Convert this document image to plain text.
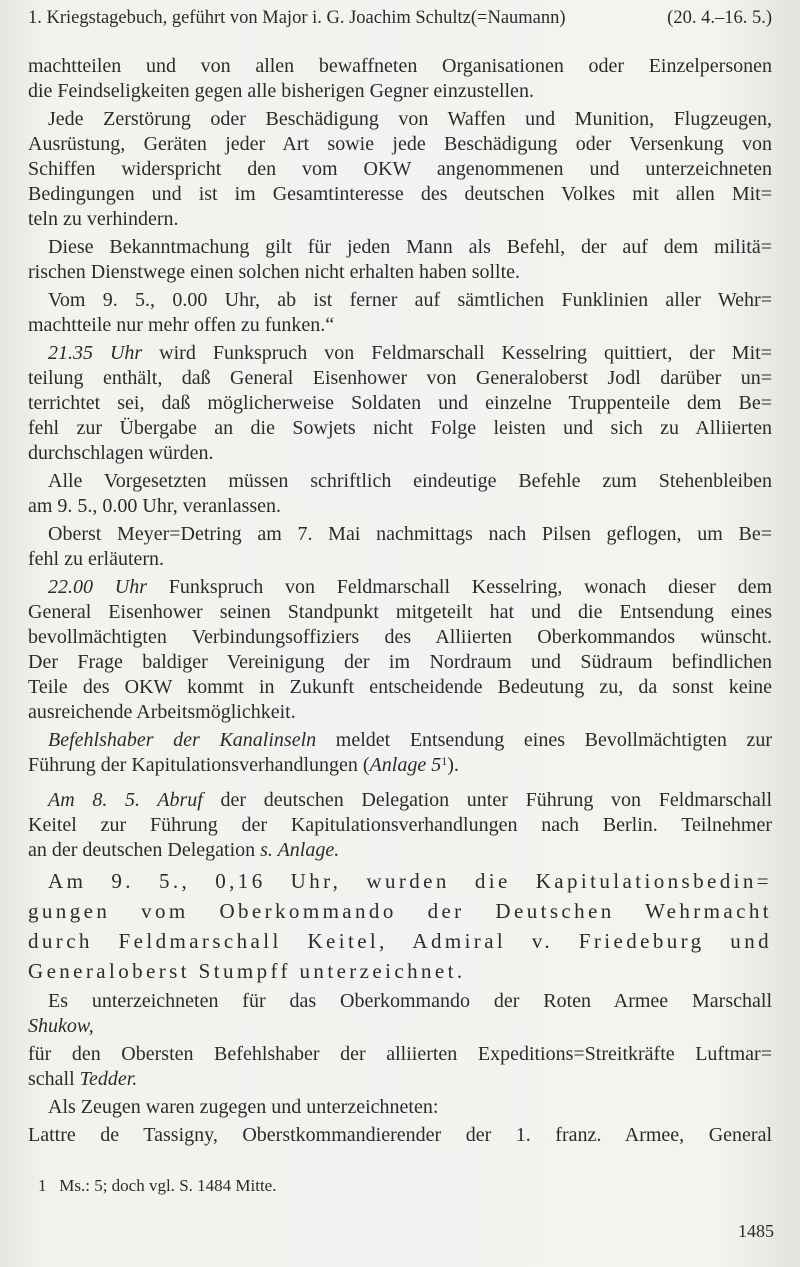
1. Kriegstagebuch, geführt von Major i. G. Joachim Schultz(=Naumann)	(20. 4.–16. 5.)
machtteilen und von allen bewaffneten Organisationen oder Einzelpersonen
die Feindseligkeiten gegen alle bisherigen Gegner einzustellen.
Jede Zerstörung oder Beschädigung von Waffen und Munition, Flugzeugen,
Ausrüstung, Geräten jeder Art sowie jede Beschädigung oder Versenkung von
Schiffen widerspricht den vom OKW angenommenen und unterzeichneten
Bedingungen und ist im Gesamtinteresse des deutschen Volkes mit allen Mit=
teln zu verhindern.
Diese Bekanntmachung gilt für jeden Mann als Befehl, der auf dem militä=
rischen Dienstwege einen solchen nicht erhalten haben sollte.
Vom 9. 5., 0.00 Uhr, ab ist ferner auf sämtlichen Funklinien aller Wehr=
machtteile nur mehr offen zu funken.“
21.35 Uhr wird Funkspruch von Feldmarschall Kesselring quittiert, der Mit=
teilung enthält, daß General Eisenhower von Generaloberst Jodl darüber un=
terrichtet sei, daß möglicherweise Soldaten und einzelne Truppenteile dem Be=
fehl zur Übergabe an die Sowjets nicht Folge leisten und sich zu Alliierten
durchschlagen würden.
Alle Vorgesetzten müssen schriftlich eindeutige Befehle zum Stehenbleiben
am 9. 5., 0.00 Uhr, veranlassen.
Oberst Meyer=Detring am 7. Mai nachmittags nach Pilsen geflogen, um Be=
fehl zu erläutern.
22.00 Uhr Funkspruch von Feldmarschall Kesselring, wonach dieser dem
General Eisenhower seinen Standpunkt mitgeteilt hat und die Entsendung eines
bevollmächtigten Verbindungsoffiziers des Alliierten Oberkommandos wünscht.
Der Frage baldiger Vereinigung der im Nordraum und Südraum befindlichen
Teile des OKW kommt in Zukunft entscheidende Bedeutung zu, da sonst keine
ausreichende Arbeitsmöglichkeit.
Befehlshaber der Kanalinseln meldet Entsendung eines Bevollmächtigten zur
Führung der Kapitulationsverhandlungen (Anlage $5^1$).
Am 8. 5. Abruf der deutschen Delegation unter Führung von Feldmarschall
Keitel zur Führung der Kapitulationsverhandlungen nach Berlin. Teilnehmer
an der deutschen Delegation s. Anlage.
Am 9. 5., 0,16 Uhr, wurden die Kapitulationsbedin=
gungen vom Oberkommando der Deutschen Wehrmacht
durch Feldmarschall Keitel, Admiral v. Friedeburg und
Generaloberst Stumpff unterzeichnet.
Es unterzeichneten für das Oberkommando der Roten Armee Marschall
Shukow,
für den Obersten Befehlshaber der alliierten Expeditions=Streitkräfte Luftmar=
schall Tedder.
Als Zeugen waren zugegen und unterzeichneten:
Lattre de Tassigny, Oberstkommandierender der 1. franz. Armee, General
1 Ms.: 5; doch vgl. S. 1484 Mitte.
1485
